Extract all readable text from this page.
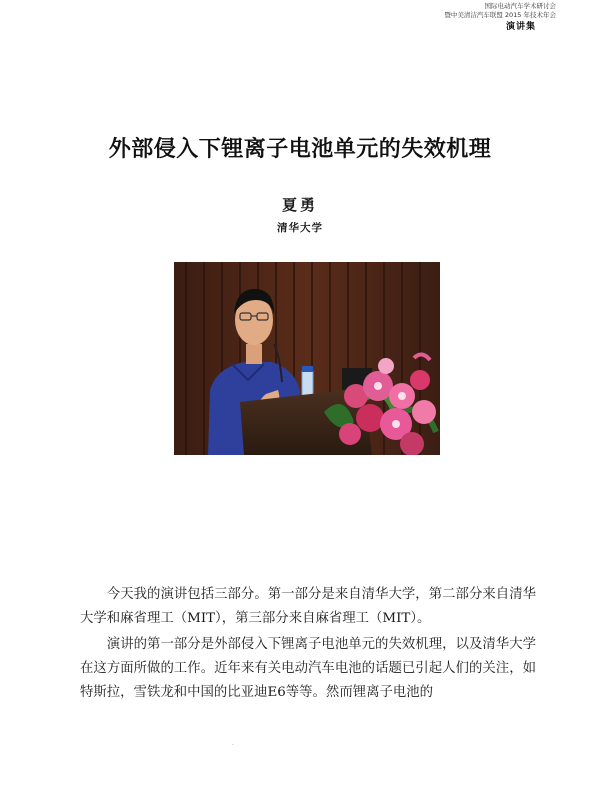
国际电动汽车学术研讨会
暨中美清洁汽车联盟 2015 年技术年会
演讲集
外部侵入下锂离子电池单元的失效机理
夏勇
清华大学

今天我的演讲包括三部分。第一部分是来自清华大学，第二部分来自清华大学和麻省理工（MIT），第三部分来自麻省理工（MIT）。

演讲的第一部分是外部侵入下锂离子电池单元的失效机理，以及清华大学在这方面所做的工作。近年来有关电动汽车电池的话题已引起人们的关注，如特斯拉，雪铁龙和中国的比亚迪E6等等。然而锂离子电池的

·
